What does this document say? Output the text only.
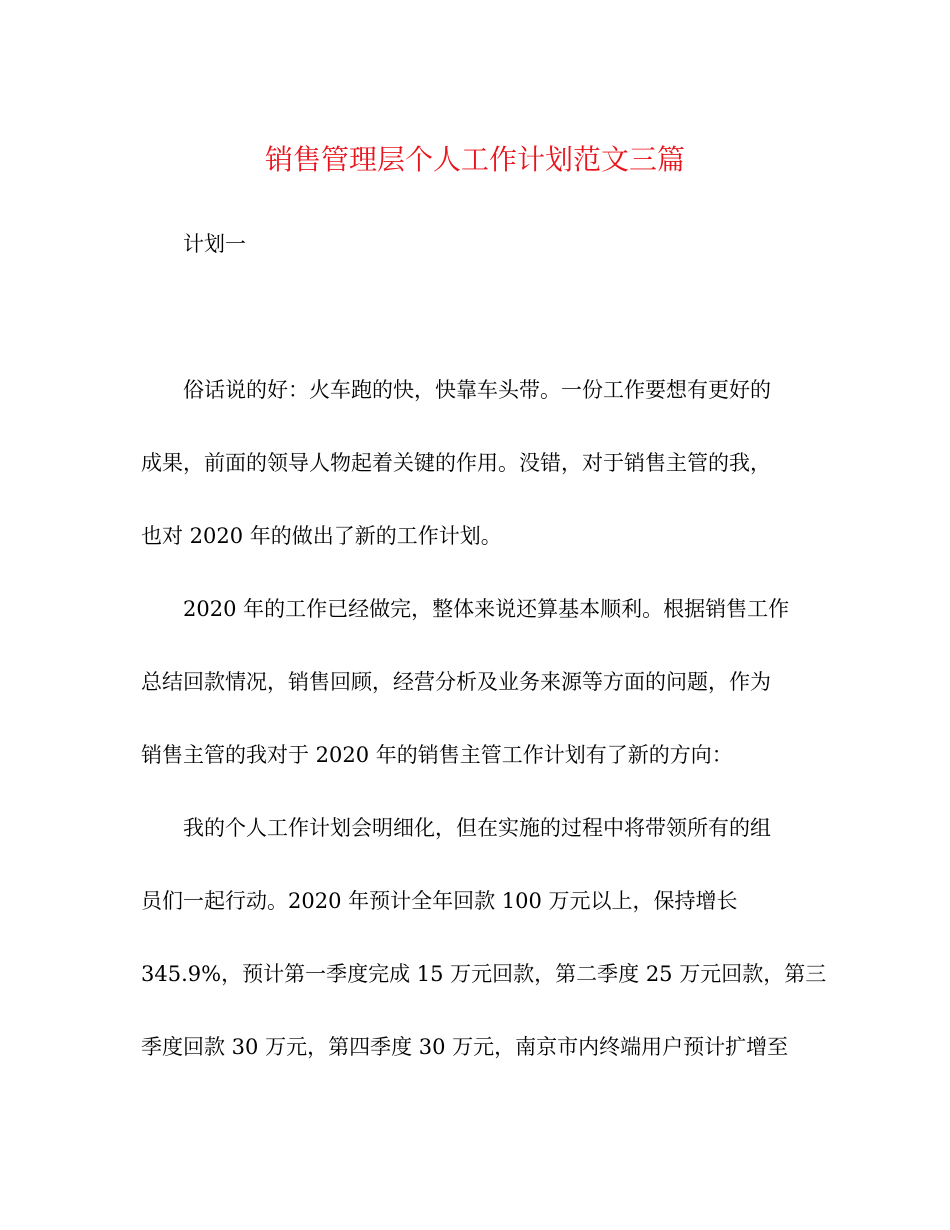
销售管理层个人工作计划范文三篇
计划一
俗话说的好：火车跑的快，快靠车头带。一份工作要想有更好的
成果，前面的领导人物起着关键的作用。没错，对于销售主管的我，
也对 2020 年的做出了新的工作计划。
2020 年的工作已经做完，整体来说还算基本顺利。根据销售工作
总结回款情况，销售回顾，经营分析及业务来源等方面的问题，作为
销售主管的我对于 2020 年的销售主管工作计划有了新的方向：
我的个人工作计划会明细化，但在实施的过程中将带领所有的组
员们一起行动。2020 年预计全年回款 100 万元以上，保持增长
345.9%，预计第一季度完成 15 万元回款，第二季度 25 万元回款，第三
季度回款 30 万元，第四季度 30 万元，南京市内终端用户预计扩增至
